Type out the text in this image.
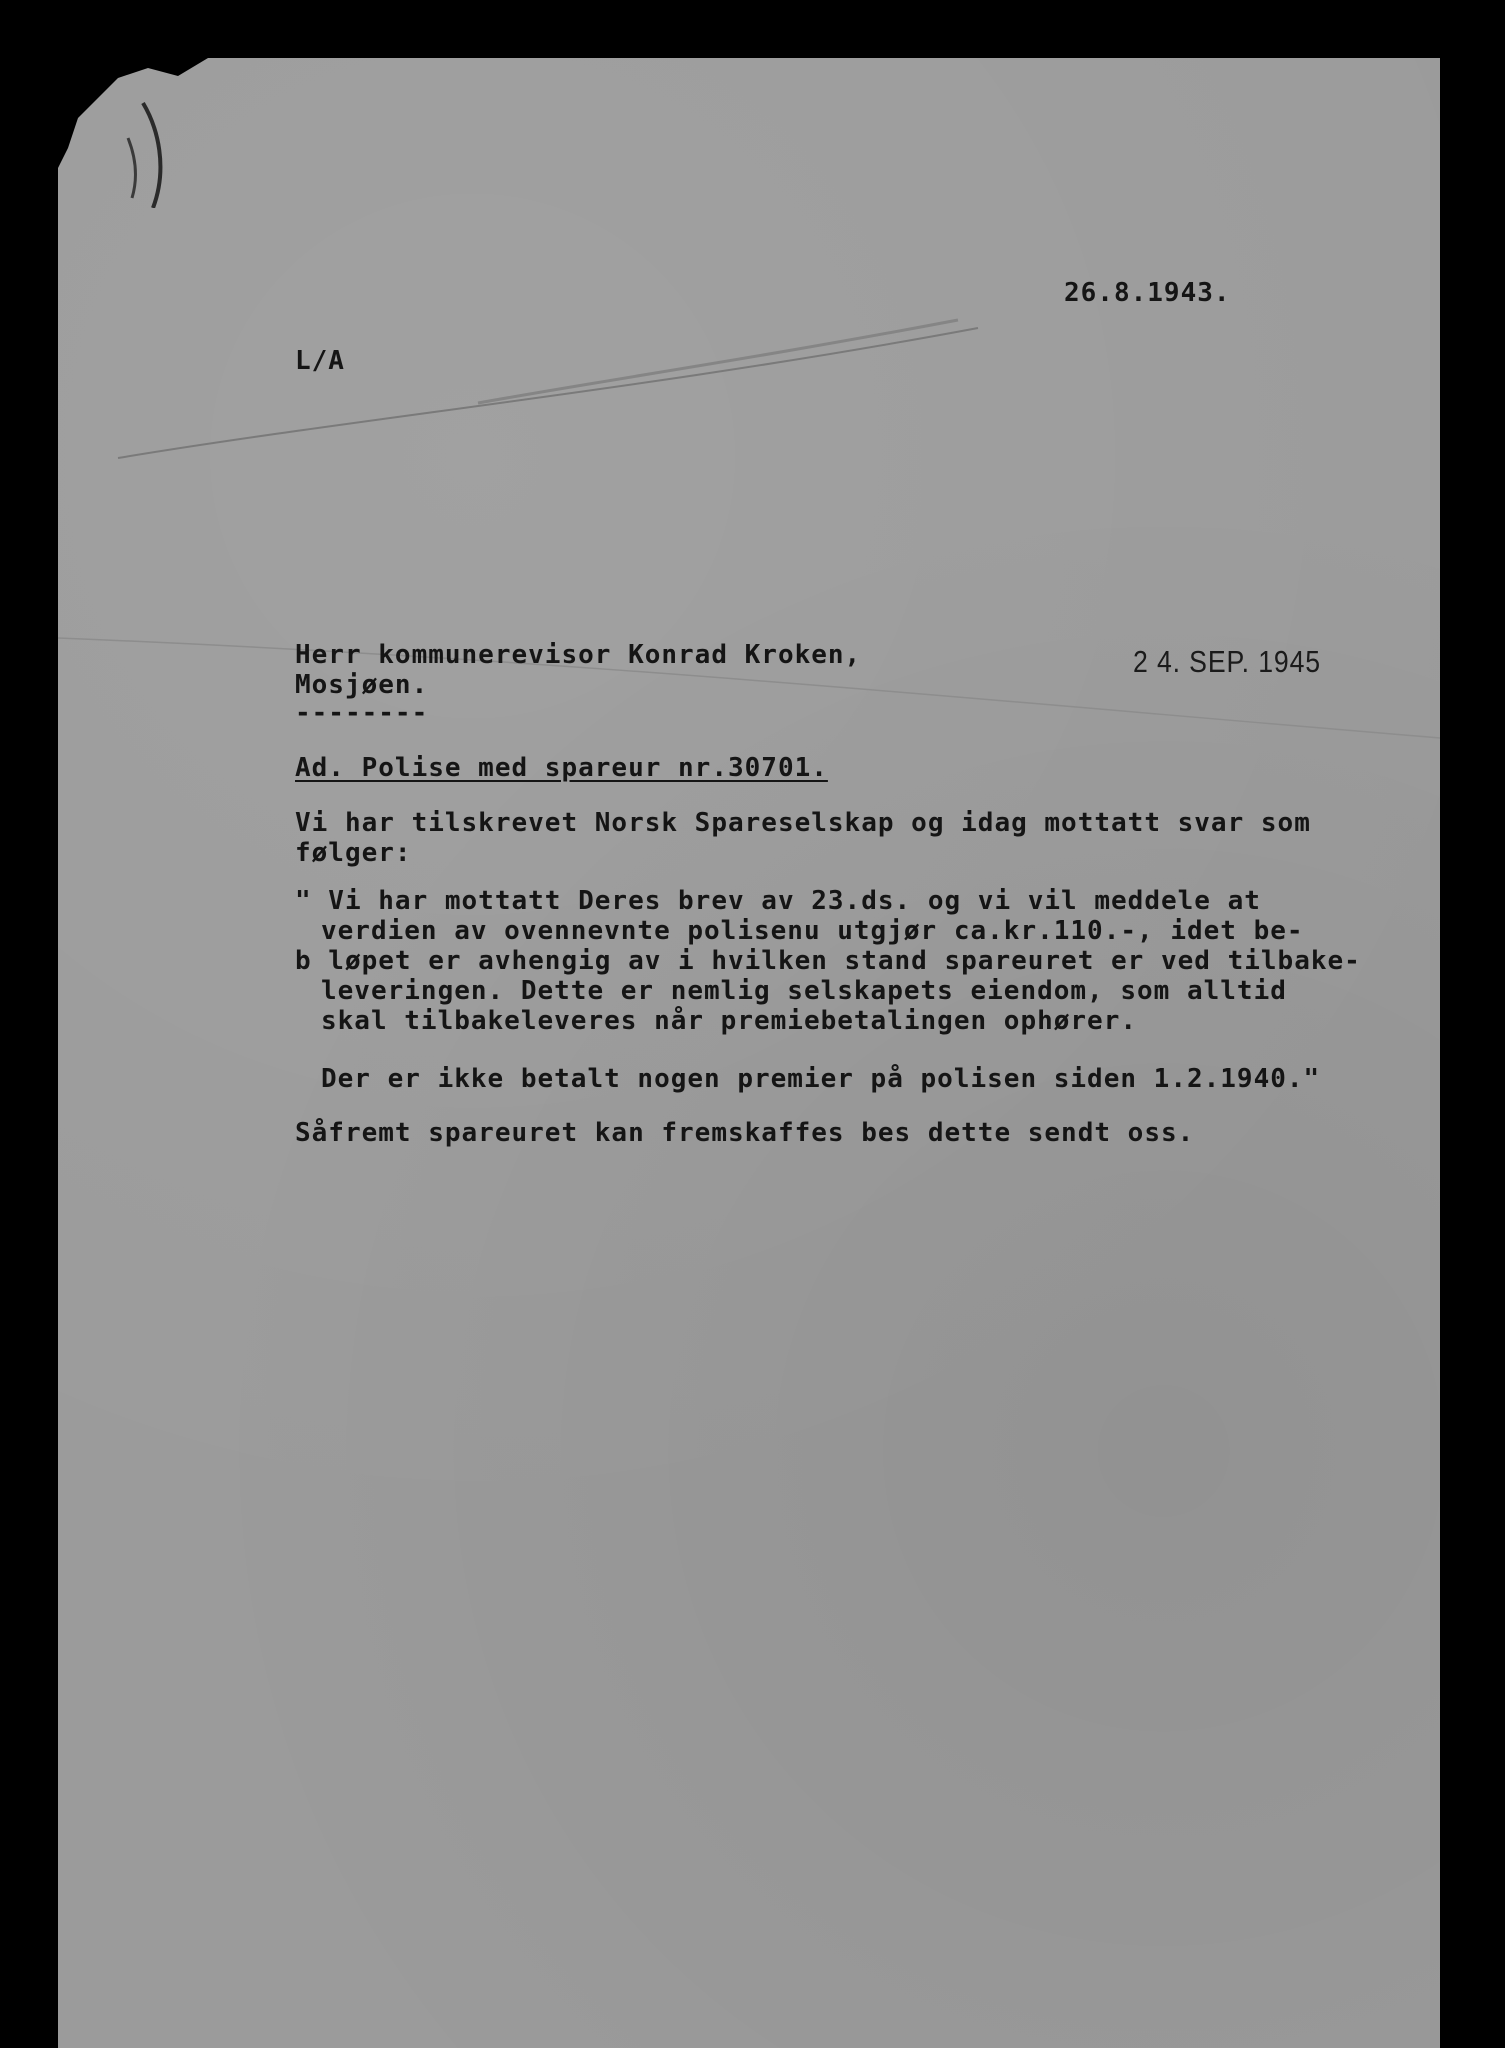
26.8.1943.
L/A
Herr kommunerevisor Konrad Kroken,
Mosjøen.
--------
2 4. SEP. 1945
Ad. Polise med spareur nr.30701.
Vi har tilskrevet Norsk Spareselskap og idag mottatt svar som
følger:
" Vi har mottatt Deres brev av 23.ds. og vi vil meddele at
verdien av ovennevnte polisenu utgjør ca.kr.110.-, idet be-
b løpet er avhengig av i hvilken stand spareuret er ved tilbake-
leveringen. Dette er nemlig selskapets eiendom, som alltid
skal tilbakeleveres når premiebetalingen ophører.
Der er ikke betalt nogen premier på polisen siden 1.2.1940."
Såfremt spareuret kan fremskaffes bes dette sendt oss.
